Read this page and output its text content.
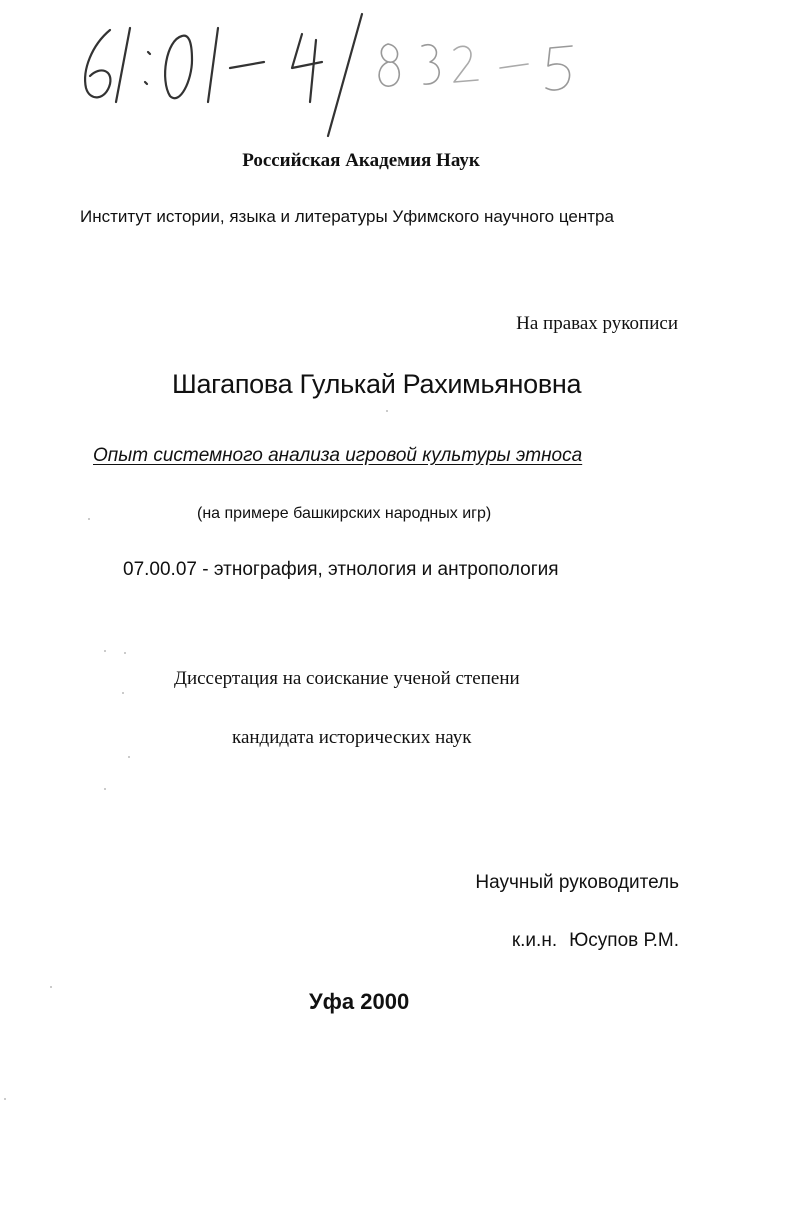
Российская Академия Наук
Институт истории, языка и литературы Уфимского научного центра
На правах рукописи
Шагапова Гулькай Рахимьяновна
Опыт системного анализа игровой культуры этноса
(на примере башкирских народных игр)
07.00.07 - этнография, этнология и антропология
Диссертация на соискание ученой степени
кандидата исторических наук
Научный руководитель
к.и.н. Юсупов Р.М.
Уфа 2000
